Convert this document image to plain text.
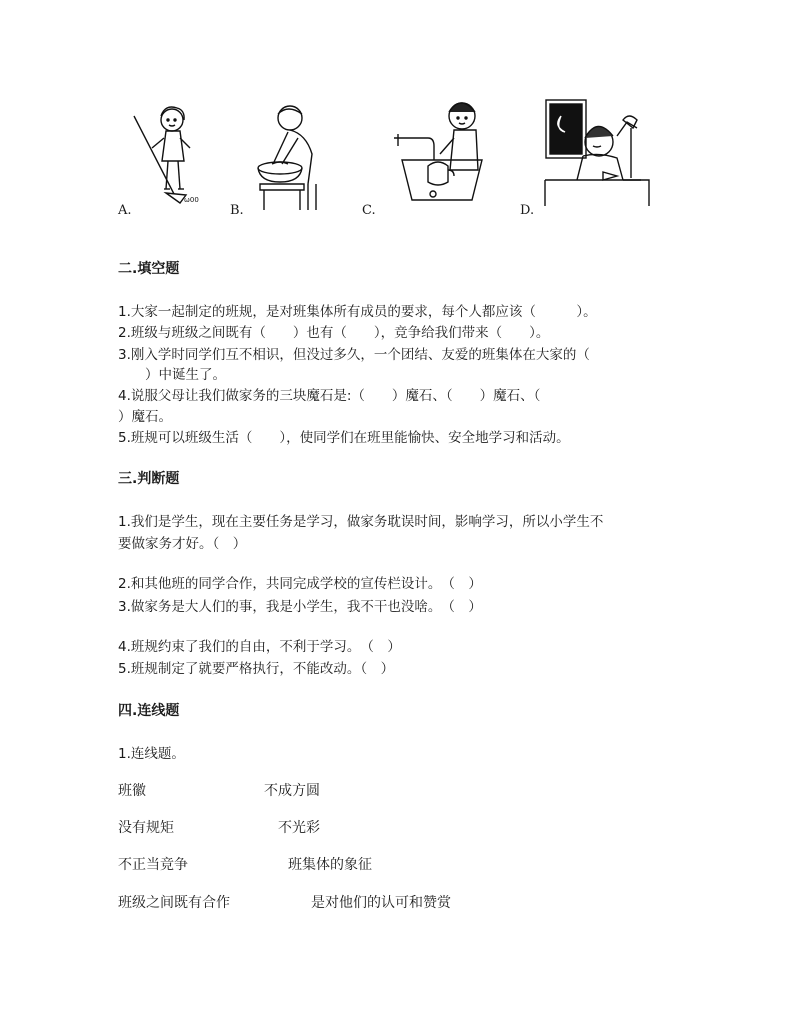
ω00
A.	B.	C.	D.
二.填空题
1.大家一起制定的班规，是对班集体所有成员的要求，每个人都应该（　　　）。
2.班级与班级之间既有（　　）也有（　　），竞争给我们带来（　　）。
3.刚入学时同学们互不相识，但没过多久，一个团结、友爱的班集体在大家的（
　　）中诞生了。
4.说服父母让我们做家务的三块魔石是:（　　）魔石、（　　）魔石、（
）魔石。
5.班规可以班级生活（　　），使同学们在班里能愉快、安全地学习和活动。
三.判断题
1.我们是学生，现在主要任务是学习，做家务耽误时间，影响学习，所以小学生不
要做家务才好。（　）
2.和其他班的同学合作，共同完成学校的宣传栏设计。　（　）
3.做家务是大人们的事，我是小学生，我不干也没啥。　（　）
4.班规约束了我们的自由，不利于学习。　（　）
5.班规制定了就要严格执行，不能改动。（　）
四.连线题
1.连线题。
班徽	不成方圆
没有规矩	不光彩
不正当竞争	班集体的象征
班级之间既有合作	是对他们的认可和赞赏
